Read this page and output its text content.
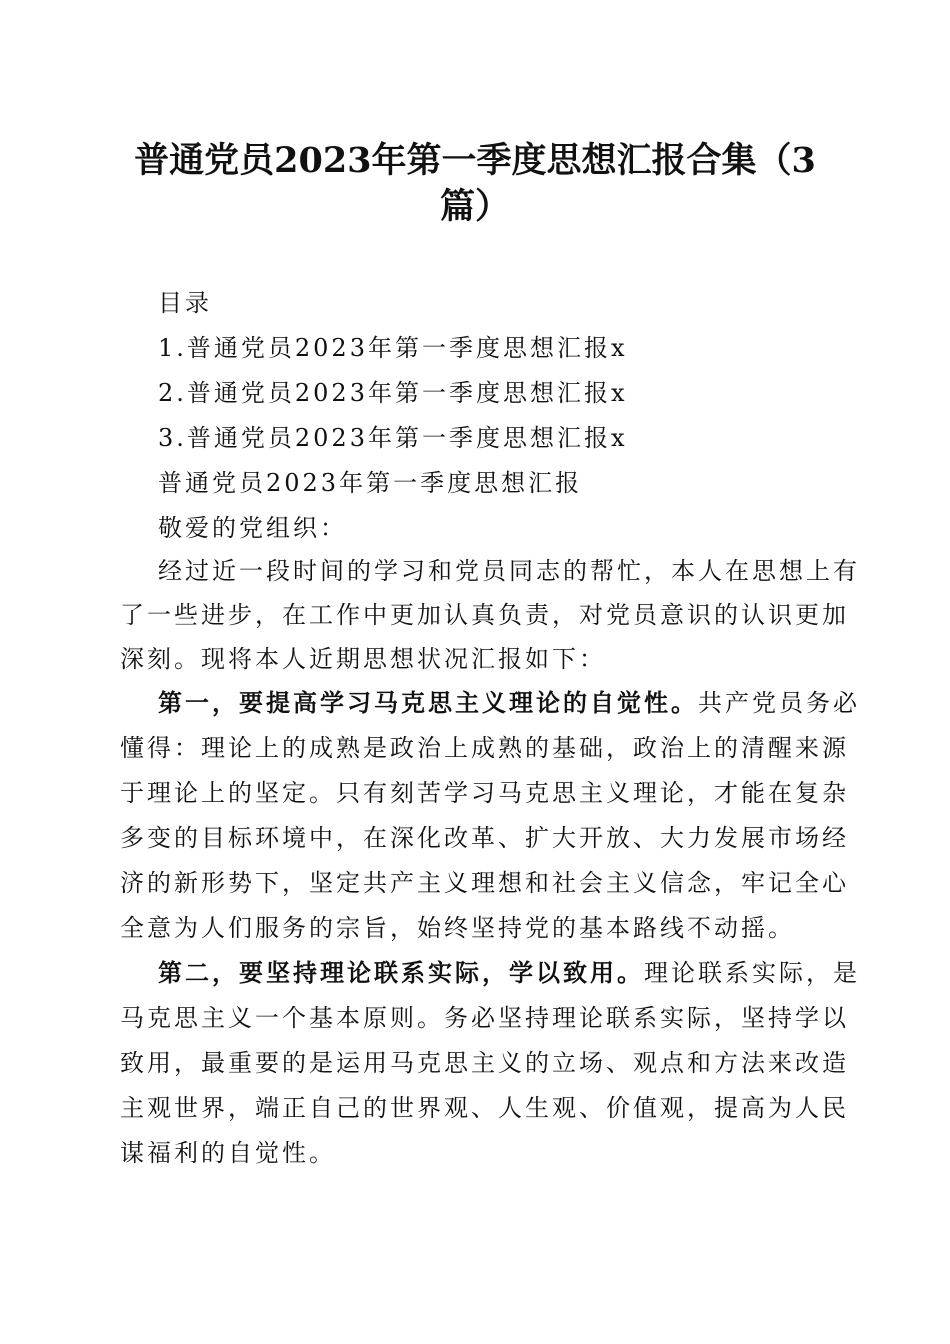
普通党员2023年第一季度思想汇报合集（3
篇）
目录
1.普通党员2023年第一季度思想汇报x
2.普通党员2023年第一季度思想汇报x
3.普通党员2023年第一季度思想汇报x
普通党员2023年第一季度思想汇报
敬爱的党组织：
经过近一段时间的学习和党员同志的帮忙，本人在思想上有
了一些进步，在工作中更加认真负责，对党员意识的认识更加
深刻。现将本人近期思想状况汇报如下：
第一，要提高学习马克思主义理论的自觉性。共产党员务必
懂得：理论上的成熟是政治上成熟的基础，政治上的清醒来源
于理论上的坚定。只有刻苦学习马克思主义理论，才能在复杂
多变的目标环境中，在深化改革、扩大开放、大力发展市场经
济的新形势下，坚定共产主义理想和社会主义信念，牢记全心
全意为人们服务的宗旨，始终坚持党的基本路线不动摇。
第二，要坚持理论联系实际，学以致用。理论联系实际，是
马克思主义一个基本原则。务必坚持理论联系实际，坚持学以
致用，最重要的是运用马克思主义的立场、观点和方法来改造
主观世界，端正自己的世界观、人生观、价值观，提高为人民
谋福利的自觉性。
